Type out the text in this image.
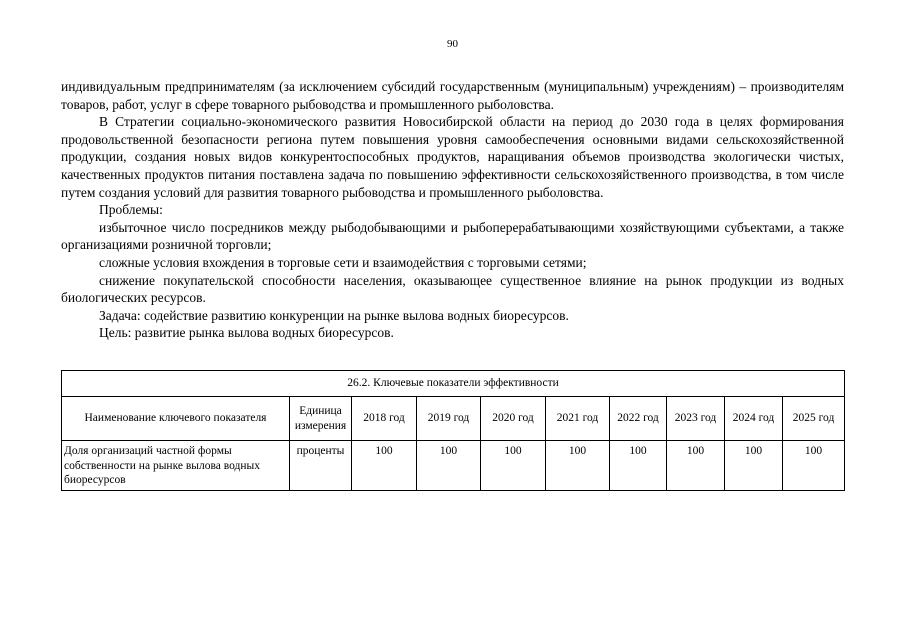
90

индивидуальным предпринимателям (за исключением субсидий государственным (муниципальным) учреждениям) – производителям товаров, работ, услуг в сфере товарного рыбоводства и промышленного рыболовства.

В Стратегии социально-экономического развития Новосибирской области на период до 2030 года в целях формирования продовольственной безопасности региона путем повышения уровня самообеспечения основными видами сельскохозяйственной продукции, создания новых видов конкурентоспособных продуктов, наращивания объемов производства экологически чистых, качественных продуктов питания поставлена задача по повышению эффективности сельскохозяйственного производства, в том числе путем создания условий для развития товарного рыбоводства и промышленного рыболовства.

Проблемы:

избыточное число посредников между рыбодобывающими и рыбоперерабатывающими хозяйствующими субъектами, а также организациями розничной торговли;

сложные условия вхождения в торговые сети и взаимодействия с торговыми сетями;

снижение покупательской способности населения, оказывающее существенное влияние на рынок продукции из водных биологических ресурсов.

Задача: содействие развитию конкуренции на рынке вылова водных биоресурсов.

Цель: развитие рынка вылова водных биоресурсов.

26.2. Ключевые показатели эффективности									
Наименование ключевого показателя	Единица измерения	2018 год	2019 год	2020 год	2021 год	2022 год	2023 год	2024 год	2025 год
Доля организаций частной формы собственности на рынке вылова водных биоресурсов	проценты	100	100	100	100	100	100	100	100
